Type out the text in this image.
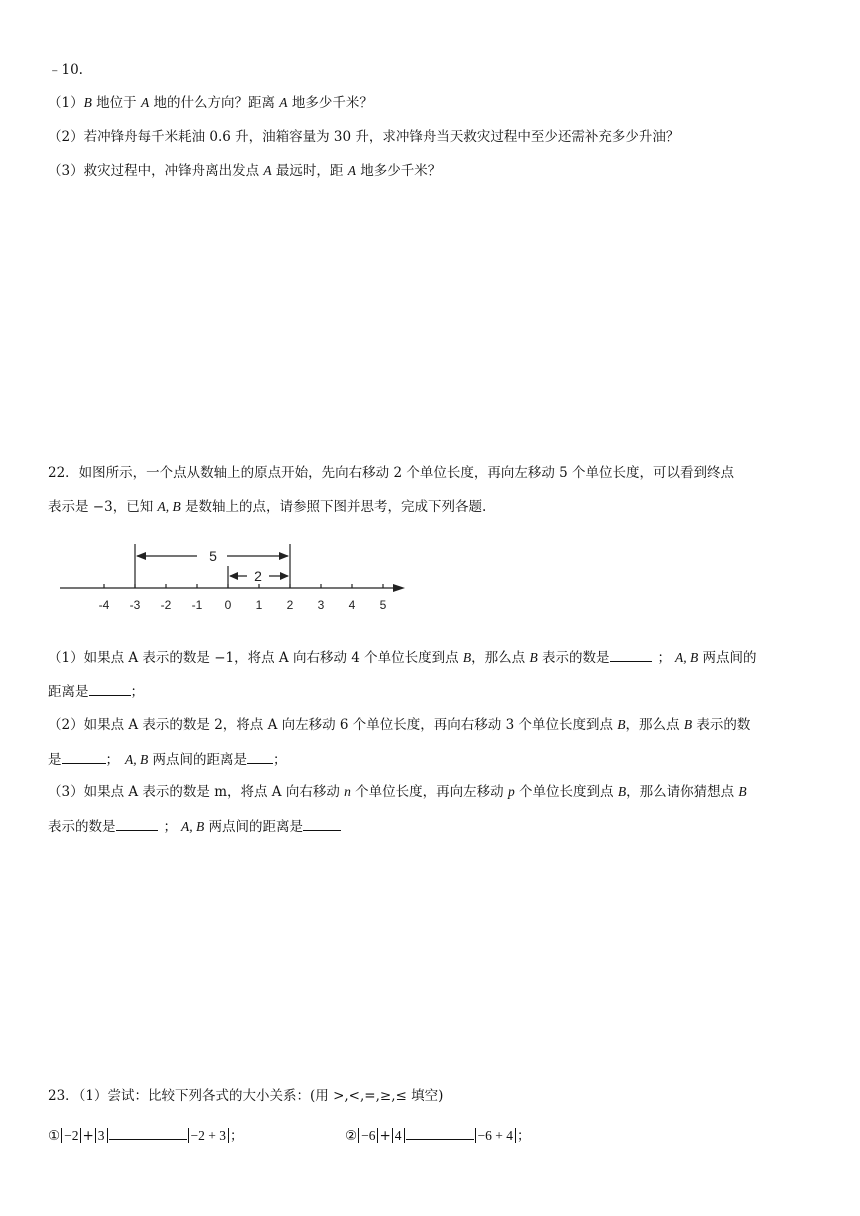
﹣10.
（1）B 地位于 A 地的什么方向？距离 A 地多少千米？
（2）若冲锋舟每千米耗油 0.6 升，油箱容量为 30 升，求冲锋舟当天救灾过程中至少还需补充多少升油？
（3）救灾过程中，冲锋舟离出发点 A 最远时，距 A 地多少千米？
22．如图所示，一个点从数轴上的原点开始，先向右移动 2 个单位长度，再向左移动 5 个单位长度，可以看到终点
表示是 −3，已知 A, B 是数轴上的点，请参照下图并思考，完成下列各题.
-4 -3 -2 -1 0 1 2 3 4 5
5
2
（1）如果点 A 表示的数是 −1，将点 A 向右移动 4 个单位长度到点 B，那么点 B 表示的数是	； A, B 两点间的
距离是	；
（2）如果点 A 表示的数是 2，将点 A 向左移动 6 个单位长度，再向右移动 3 个单位长度到点 B，那么点 B 表示的数
是	； A, B 两点间的距离是 ；
（3）如果点 A 表示的数是 m，将点 A 向右移动 n 个单位长度，再向左移动 p 个单位长度到点 B，那么请你猜想点 B
表示的数是	； A, B 两点间的距离是
23．（1）尝试：比较下列各式的大小关系：(用 >,<,=,≥,≤ 填空)
① −2 + 3	−2 + 3 ；	② −6 + 4	−6 + 4 ；
